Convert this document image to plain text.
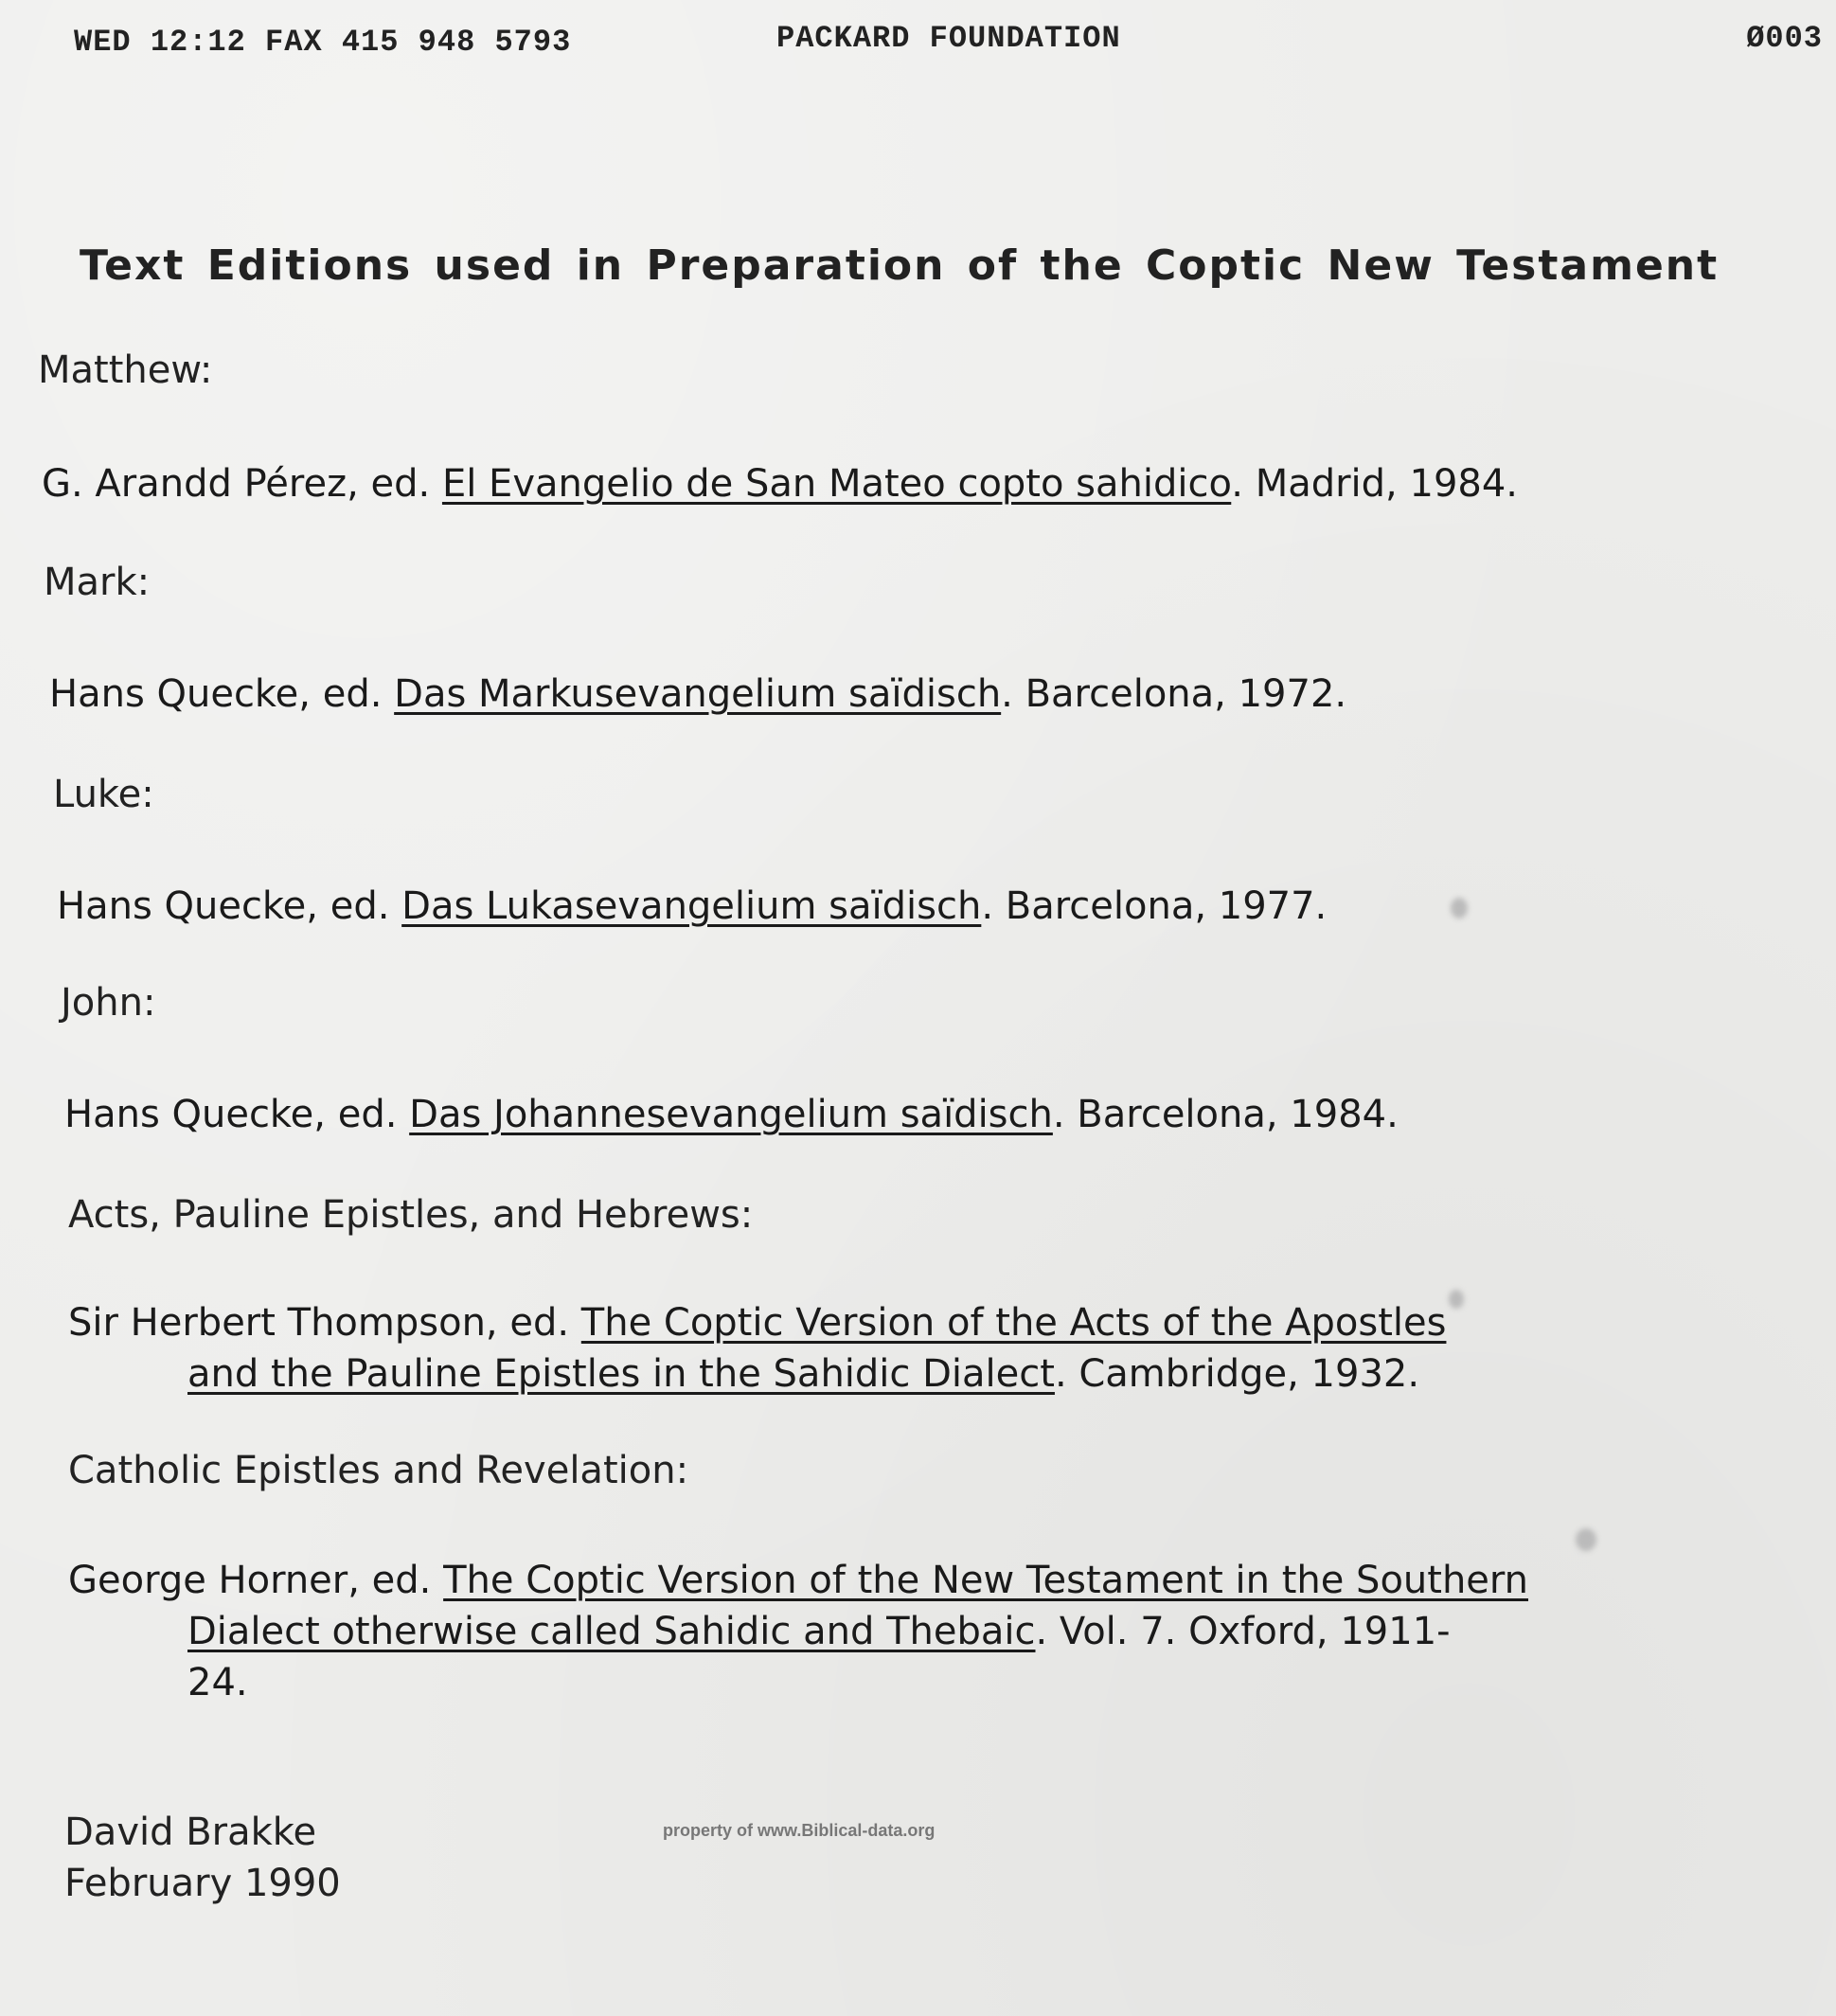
WED 12:12 FAX 415 948 5793	PACKARD FOUNDATION	Ø003
Text Editions used in Preparation of the Coptic New Testament
Matthew:
G. Arandd Pérez, ed. El Evangelio de San Mateo copto sahidico. Madrid, 1984.
Mark:
Hans Quecke, ed. Das Markusevangelium saïdisch. Barcelona, 1972.
Luke:
Hans Quecke, ed. Das Lukasevangelium saïdisch. Barcelona, 1977.
John:
Hans Quecke, ed. Das Johannesevangelium saïdisch. Barcelona, 1984.
Acts, Pauline Epistles, and Hebrews:
Sir Herbert Thompson, ed. The Coptic Version of the Acts of the Apostles
and the Pauline Epistles in the Sahidic Dialect. Cambridge, 1932.
Catholic Epistles and Revelation:
George Horner, ed. The Coptic Version of the New Testament in the Southern
Dialect otherwise called Sahidic and Thebaic. Vol. 7. Oxford, 1911-
24.
David Brakke
February 1990
property of www.Biblical-data.org
